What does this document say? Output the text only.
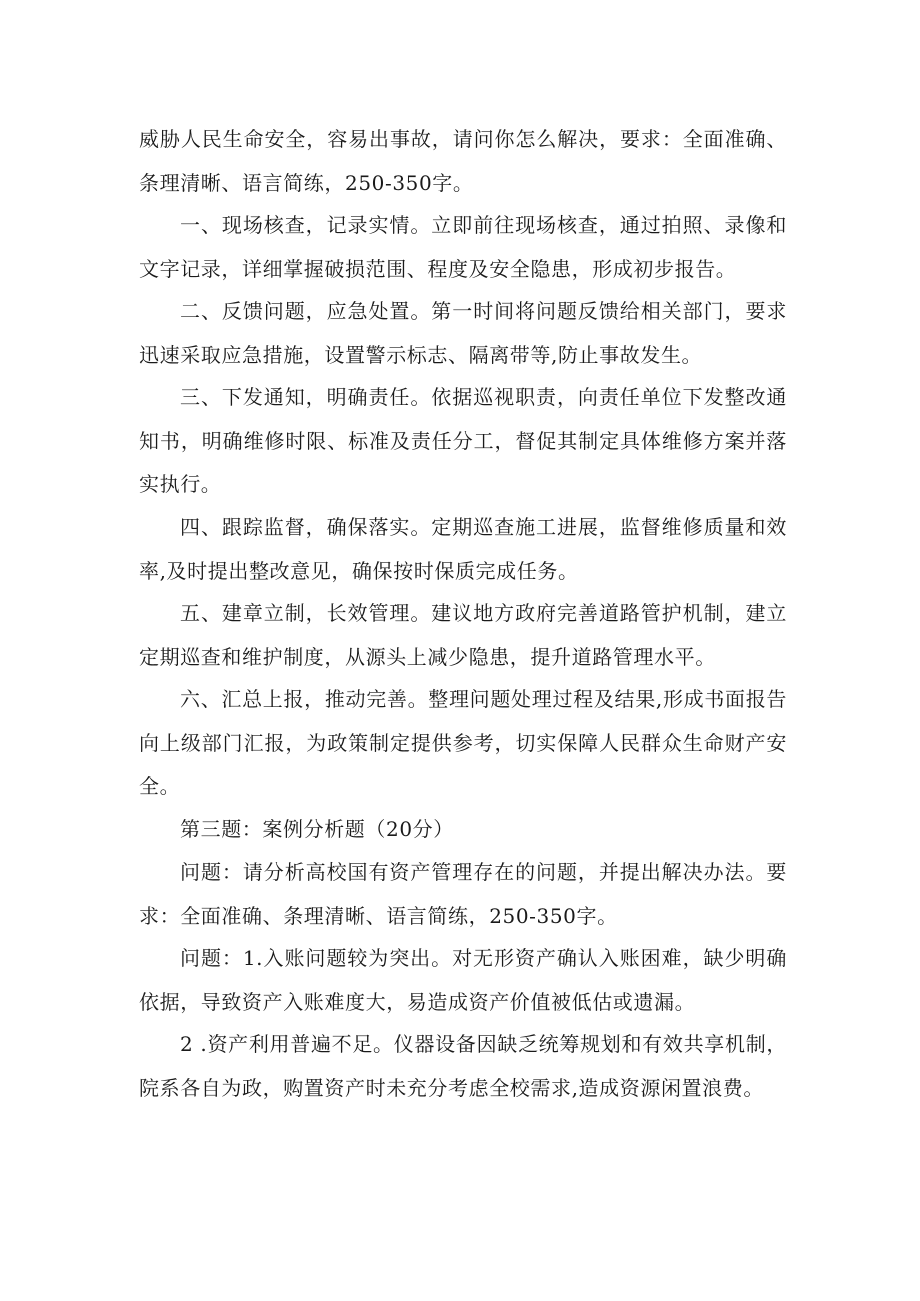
威胁人民生命安全，容易出事故，请问你怎么解决，要求：全面准确、条理清晰、语言简练，250-350字。

一、现场核查，记录实情。立即前往现场核查，通过拍照、录像和文字记录，详细掌握破损范围、程度及安全隐患，形成初步报告。

二、反馈问题，应急处置。第一时间将问题反馈给相关部门，要求迅速采取应急措施，设置警示标志、隔离带等,防止事故发生。

三、下发通知，明确责任。依据巡视职责，向责任单位下发整改通知书，明确维修时限、标准及责任分工，督促其制定具体维修方案并落实执行。

四、跟踪监督，确保落实。定期巡查施工进展，监督维修质量和效率,及时提出整改意见，确保按时保质完成任务。

五、建章立制，长效管理。建议地方政府完善道路管护机制，建立定期巡查和维护制度，从源头上减少隐患，提升道路管理水平。

六、汇总上报，推动完善。整理问题处理过程及结果,形成书面报告向上级部门汇报，为政策制定提供参考，切实保障人民群众生命财产安全。

第三题：案例分析题（20分）

问题：请分析高校国有资产管理存在的问题，并提出解决办法。要求：全面准确、条理清晰、语言简练，250-350字。

问题：1.入账问题较为突出。对无形资产确认入账困难，缺少明确依据，导致资产入账难度大，易造成资产价值被低估或遗漏。

2 .资产利用普遍不足。仪器设备因缺乏统筹规划和有效共享机制，院系各自为政，购置资产时未充分考虑全校需求,造成资源闲置浪费。
